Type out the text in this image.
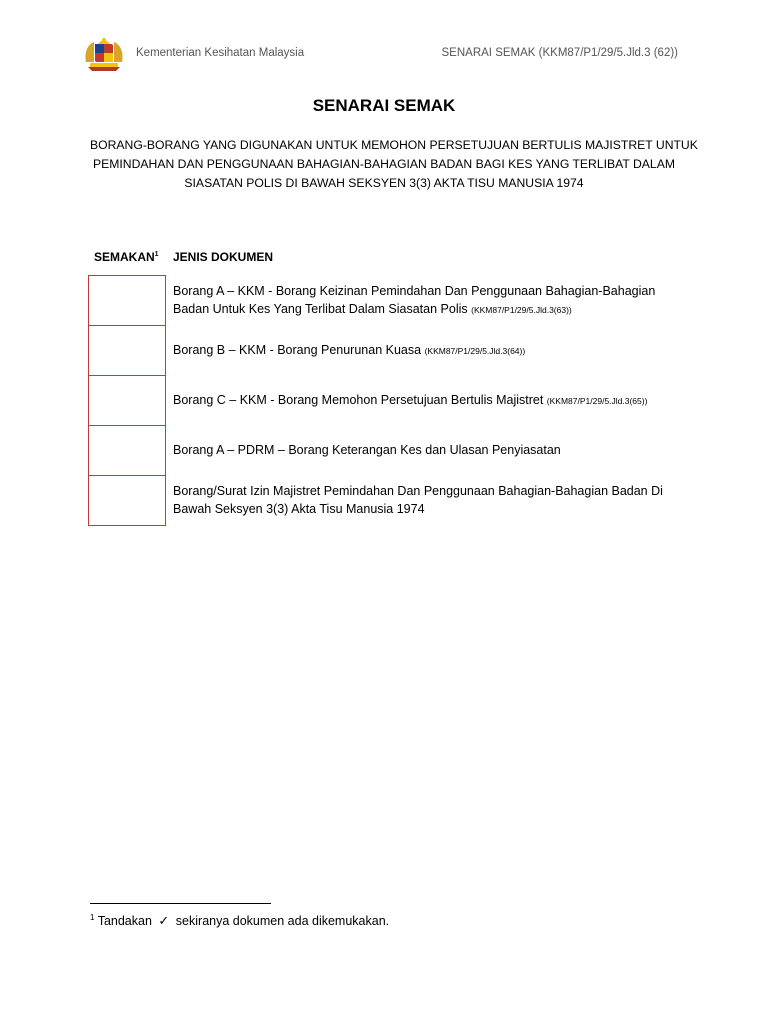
Kementerian Kesihatan Malaysia	SENARAI SEMAK (KKM87/P1/29/5.Jld.3 (62))
SENARAI SEMAK
BORANG-BORANG YANG DIGUNAKAN UNTUK MEMOHON PERSETUJUAN BERTULIS MAJISTRET UNTUK
PEMINDAHAN DAN PENGGUNAAN BAHAGIAN-BAHAGIAN BADAN BAGI KES YANG TERLIBAT DALAM
SIASATAN POLIS DI BAWAH SEKSYEN 3(3) AKTA TISU MANUSIA 1974
SEMAKAN$^1$ JENIS DOKUMEN
Borang A – KKM - Borang Keizinan Pemindahan Dan Penggunaan Bahagian-Bahagian Badan Untuk Kes Yang Terlibat Dalam Siasatan Polis (KKM87/P1/29/5.Jld.3(63))
Borang B – KKM - Borang Penurunan Kuasa (KKM87/P1/29/5.Jld.3(64))
Borang C – KKM - Borang Memohon Persetujuan Bertulis Majistret (KKM87/P1/29/5.Jld.3(65))
Borang A – PDRM – Borang Keterangan Kes dan Ulasan Penyiasatan
Borang/Surat Izin Majistret Pemindahan Dan Penggunaan Bahagian-Bahagian Badan Di Bawah Seksyen 3(3) Akta Tisu Manusia 1974
$^1$ Tandakan ✓ sekiranya dokumen ada dikemukakan.
